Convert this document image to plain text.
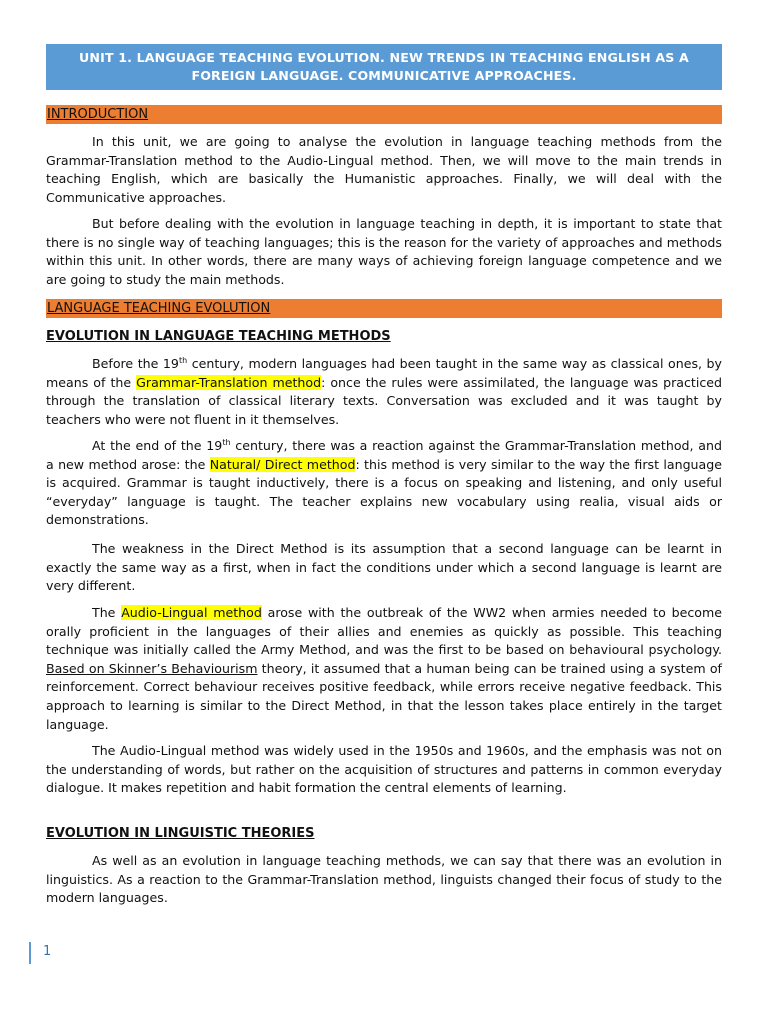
UNIT 1. LANGUAGE TEACHING EVOLUTION. NEW TRENDS IN TEACHING ENGLISH AS A
FOREIGN LANGUAGE. COMMUNICATIVE APPROACHES.
INTRODUCTION

In this unit, we are going to analyse the evolution in language teaching methods from the Grammar-Translation method to the Audio-Lingual method. Then, we will move to the main trends in teaching English, which are basically the Humanistic approaches. Finally, we will deal with the Communicative approaches.

But before dealing with the evolution in language teaching in depth, it is important to state that there is no single way of teaching languages; this is the reason for the variety of approaches and methods within this unit. In other words, there are many ways of achieving foreign language competence and we are going to study the main methods.

LANGUAGE TEACHING EVOLUTION
EVOLUTION IN LANGUAGE TEACHING METHODS

Before the 19th century, modern languages had been taught in the same way as classical ones, by means of the Grammar-Translation method: once the rules were assimilated, the language was practiced through the translation of classical literary texts. Conversation was excluded and it was taught by teachers who were not fluent in it themselves.

At the end of the 19th century, there was a reaction against the Grammar-Translation method, and a new method arose: the Natural/ Direct method: this method is very similar to the way the first language is acquired. Grammar is taught inductively, there is a focus on speaking and listening, and only useful “everyday” language is taught. The teacher explains new vocabulary using realia, visual aids or demonstrations.

The weakness in the Direct Method is its assumption that a second language can be learnt in exactly the same way as a first, when in fact the conditions under which a second language is learnt are very different.

The Audio-Lingual method arose with the outbreak of the WW2 when armies needed to become orally proficient in the languages of their allies and enemies as quickly as possible. This teaching technique was initially called the Army Method, and was the first to be based on behavioural psychology. Based on Skinner’s Behaviourism theory, it assumed that a human being can be trained using a system of reinforcement. Correct behaviour receives positive feedback, while errors receive negative feedback. This approach to learning is similar to the Direct Method, in that the lesson takes place entirely in the target language.

The Audio-Lingual method was widely used in the 1950s and 1960s, and the emphasis was not on the understanding of words, but rather on the acquisition of structures and patterns in common everyday dialogue. It makes repetition and habit formation the central elements of learning.

EVOLUTION IN LINGUISTIC THEORIES

As well as an evolution in language teaching methods, we can say that there was an evolution in linguistics. As a reaction to the Grammar-Translation method, linguists changed their focus of study to the modern languages.

1
